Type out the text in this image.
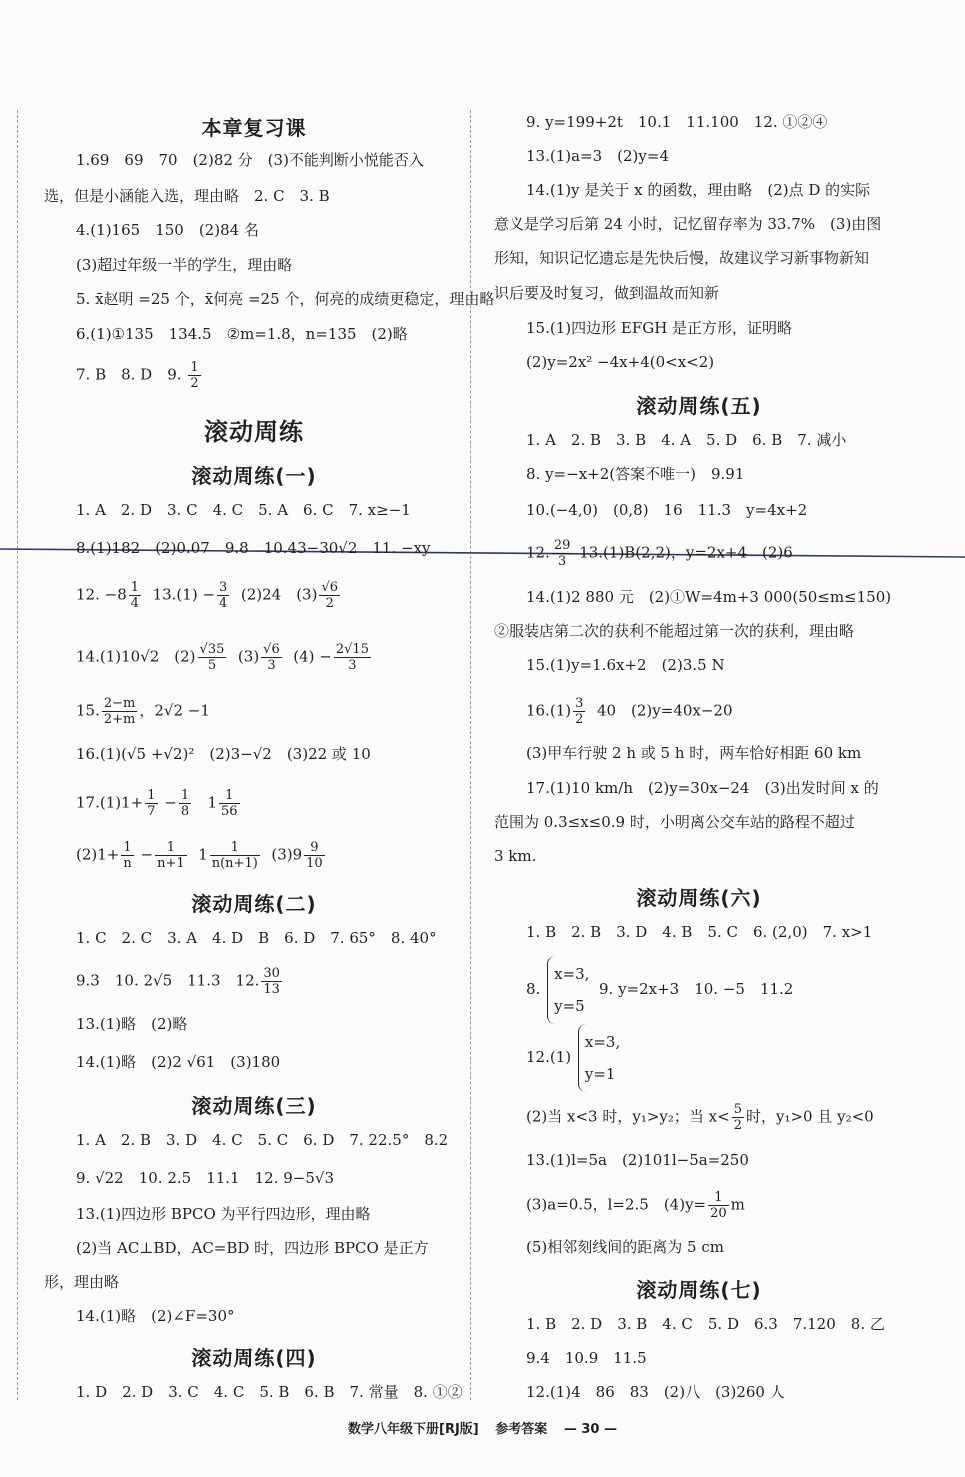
本章复习课
1.69　69　70　(2)82 分　(3)不能判断小悦能否入
选，但是小涵能入选，理由略　2. C　3. B
4.(1)165　150　(2)84 名
(3)超过年级一半的学生，理由略
5. x̄赵明 =25 个，x̄何亮 =25 个，何亮的成绩更稳定，理由略
6.(1)①135　134.5　②m=1.8，n=135　(2)略
7. B　8. D　9. $\frac{1}{2}$
滚动周练
滚动周练(一)
1. A　2. D　3. C　4. C　5. A　6. C　7. x≥−1
8.(1)182　(2)0.07　9.8　10.43−30√2　11. −xy
12. $-8 \frac{1}{4} 13.(1) - \frac{3}{4} (2)24$　$(3) \frac{√6}{2}$
14.(1)10√2　$(2) \frac{√35}{5} (3) \frac{√6}{3} (4) - \frac{2√15}{3}$
15. $\frac{2-m}{2+m}$ ，2√2 −1
16.(1)(√5 +√2)²　(2)3−√2　(3)22 或 10
$17.(1)1+ \frac{1}{7} - \frac{1}{8} 1 \frac{1}{56}$
$(2)1+ \frac{1}{n} - \frac{1}{n+1} 1 \frac{1}{n(n+1)} (3)9 \frac{9}{10}$
滚动周练(二)
1. C　2. C　3. A　4. D　B　6. D　7. 65°　8. 40°
9.3　10. 2√5　11.3　12. $\frac{30}{13}$
13.(1)略　(2)略
14.(1)略　(2)2 √61　(3)180
滚动周练(三)
1. A　2. B　3. D　4. C　5. C　6. D　7. 22.5°　8.2
9. √22　10. 2.5　11.1　12. 9−5√3
13.(1)四边形 BPCO 为平行四边形，理由略
(2)当 AC⊥BD，AC=BD 时，四边形 BPCO 是正方
形，理由略
14.(1)略　(2)∠F=30°
滚动周练(四)
1. D　2. D　3. C　4. C　5. B　6. B　7. 常量　8. ①②
9. y=199+2t　10.1　11.100　12. ①②④
13.(1)a=3　(2)y=4
14.(1)y 是关于 x 的函数，理由略　(2)点 D 的实际
意义是学习后第 24 小时，记忆留存率为 33.7%　(3)由图
形知，知识记忆遗忘是先快后慢，故建议学习新事物新知
识后要及时复习，做到温故而知新
15.(1)四边形 EFGH 是正方形，证明略
(2)y=2x² −4x+4(0<x<2)
滚动周练(五)
1. A　2. B　3. B　4. A　5. D　6. B　7. 减小
8. y=−x+2(答案不唯一)　9.91
10.(−4,0)　(0,8)　16　11.3　y=4x+2
12. $\frac{29}{3} 13.(1)B(2,2)$，y=2x+4　(2)6
14.(1)2 880 元　(2)①W=4m+3 000(50≤m≤150)
②服装店第二次的获利不能超过第一次的获利，理由略
15.(1)y=1.6x+2　(2)3.5 N
$16.(1) \frac{3}{2} 40$　(2)y=40x−20
(3)甲车行驶 2 h 或 5 h 时，两车恰好相距 60 km
17.(1)10 km/h　(2)y=30x−24　(3)出发时间 x 的
范围为 0.3≤x≤0.9 时，小明离公交车站的路程不超过
3 km.
滚动周练(六)
1. B　2. B　3. D　4. B　5. C　6. (2,0)　7. x>1
8. x=3,
y=5  9. y=2x+3　10. −5　11.2
12.(1) x=3,
y=1
(2)当 x<3 时，y₁>y₂；当 $x< \frac{5}{2}$ 时，y₁>0 且 y₂<0
13.(1)l=5a　(2)101l−5a=250
(3)a=0.5，l=2.5　$(4)y= \frac{1}{20}$ m
(5)相邻刻线间的距离为 5 cm
滚动周练(七)
1. B　2. D　3. B　4. C　5. D　6.3　7.120　8. 乙
9.4　10.9　11.5
12.(1)4　86　83　(2)八　(3)260 人
数学八年级下册[RJ版] 参考答案 — 30 —
